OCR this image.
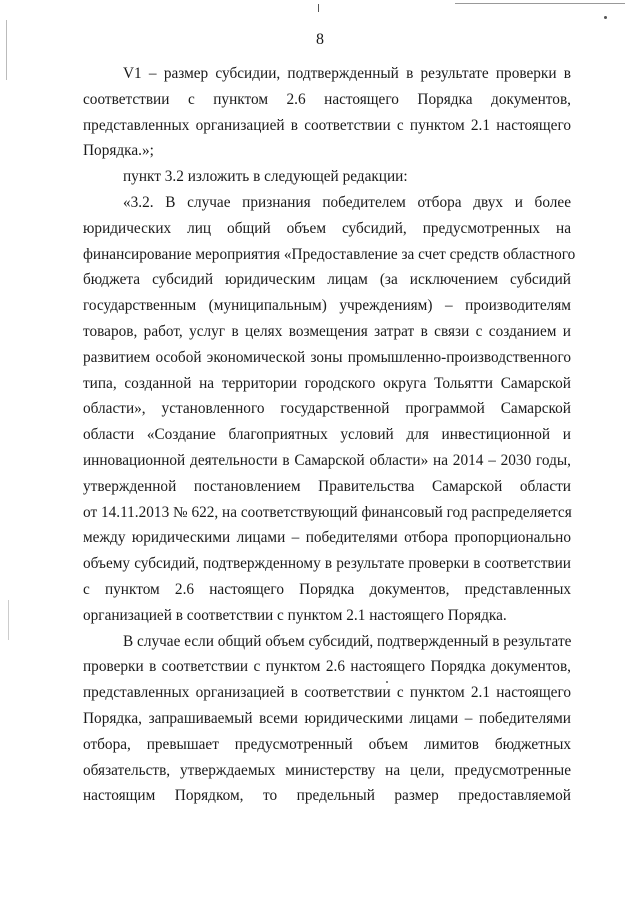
8
V1 – размер субсидии, подтвержденный в результате проверки в
соответствии с пунктом 2.6 настоящего Порядка документов,
представленных организацией в соответствии с пунктом 2.1 настоящего
Порядка.»;
пункт 3.2 изложить в следующей редакции:
«3.2. В случае признания победителем отбора двух и более
юридических лиц общий объем субсидий, предусмотренных на
финансирование мероприятия «Предоставление за счет средств областного
бюджета субсидий юридическим лицам (за исключением субсидий
государственным (муниципальным) учреждениям) – производителям
товаров, работ, услуг в целях возмещения затрат в связи с созданием и
развитием особой экономической зоны промышленно-производственного
типа, созданной на территории городского округа Тольятти Самарской
области», установленного государственной программой Самарской
области «Создание благоприятных условий для инвестиционной и
инновационной деятельности в Самарской области» на 2014 – 2030 годы,
утвержденной постановлением Правительства Самарской области
от 14.11.2013 № 622, на соответствующий финансовый год распределяется
между юридическими лицами – победителями отбора пропорционально
объему субсидий, подтвержденному в результате проверки в соответствии
с пунктом 2.6 настоящего Порядка документов, представленных
организацией в соответствии с пунктом 2.1 настоящего Порядка.
В случае если общий объем субсидий, подтвержденный в результате
проверки в соответствии с пунктом 2.6 настоящего Порядка документов,
представленных организацией в соответствии с пунктом 2.1 настоящего
Порядка, запрашиваемый всеми юридическими лицами – победителями
отбора, превышает предусмотренный объем лимитов бюджетных
обязательств, утверждаемых министерству на цели, предусмотренные
настоящим Порядком, то предельный размер предоставляемой
